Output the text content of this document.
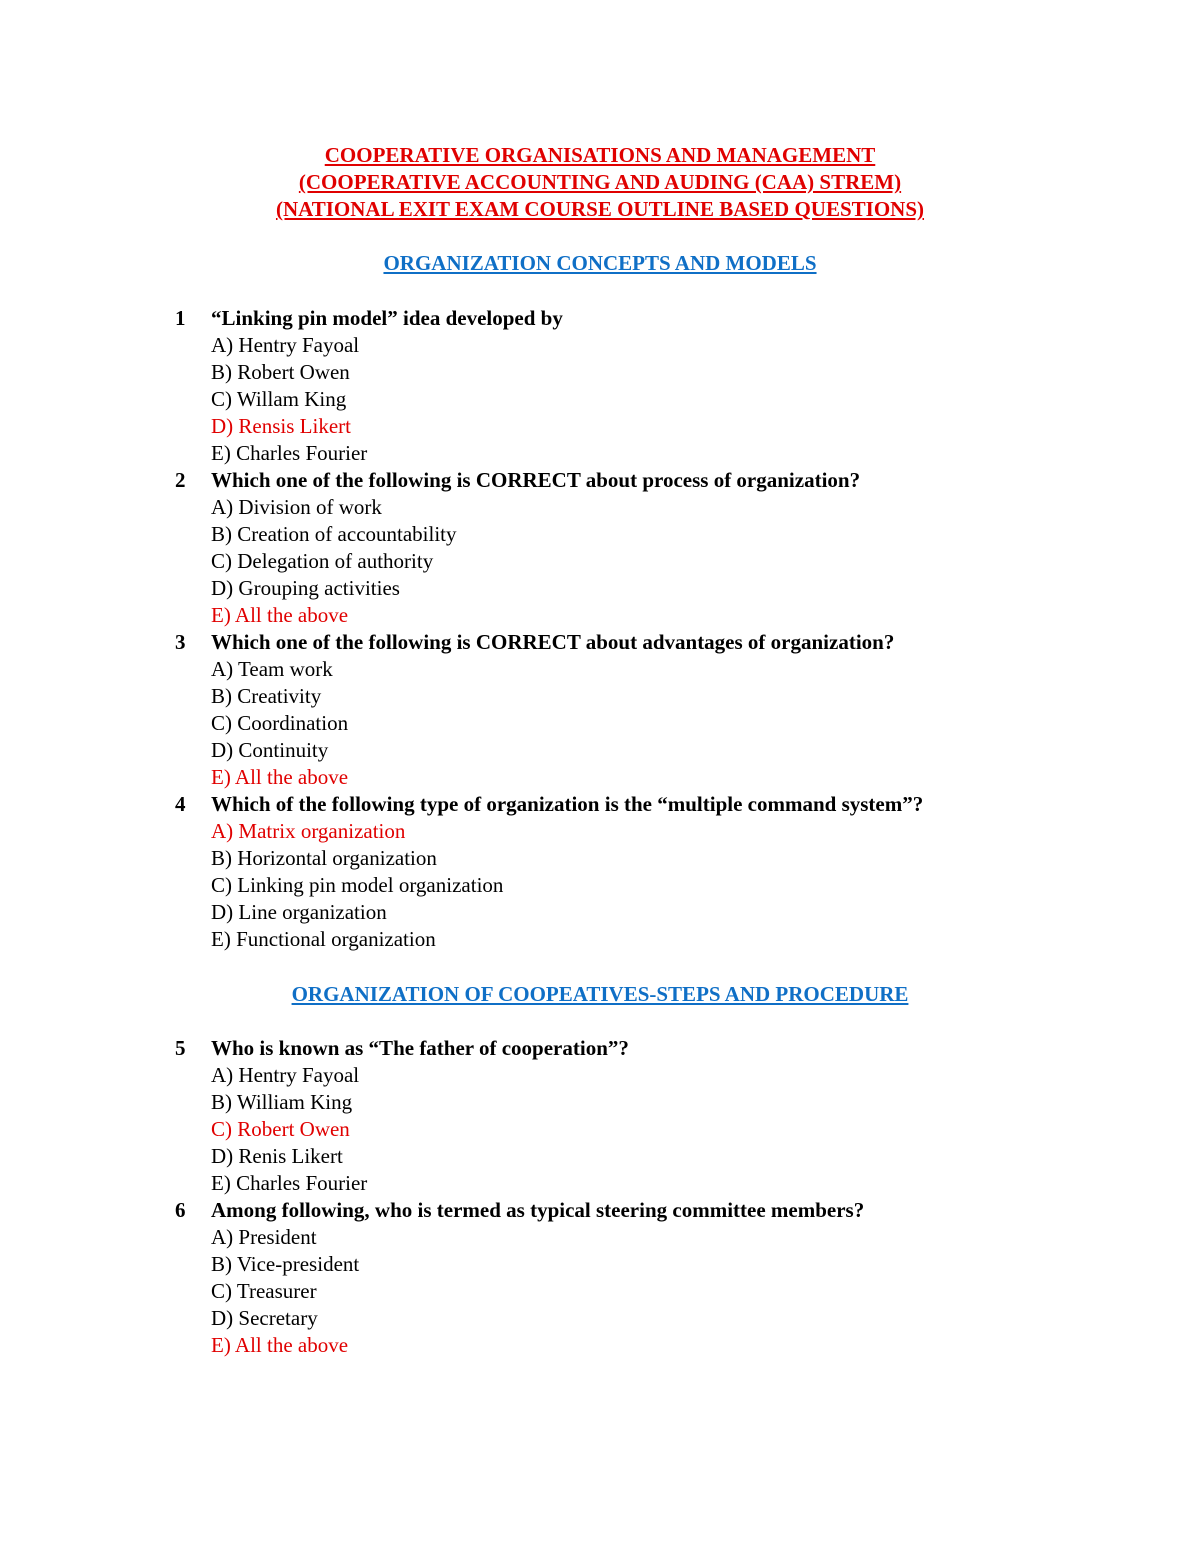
COOPERATIVE ORGANISATIONS AND MANAGEMENT
(COOPERATIVE ACCOUNTING AND AUDING (CAA) STREM)
(NATIONAL EXIT EXAM COURSE OUTLINE BASED QUESTIONS)
ORGANIZATION CONCEPTS AND MODELS
1	“Linking pin model” idea developed by
A) Hentry Fayoal
B) Robert Owen
C) Willam King
D) Rensis Likert
E) Charles Fourier
2	Which one of the following is CORRECT about process of organization?
A) Division of work
B) Creation of accountability
C) Delegation of authority
D) Grouping activities
E) All the above
3	Which one of the following is CORRECT about advantages of organization?
A) Team work
B) Creativity
C) Coordination
D) Continuity
E) All the above
4	Which of the following type of organization is the “multiple command system”?
A) Matrix organization
B) Horizontal organization
C) Linking pin model organization
D) Line organization
E) Functional organization
ORGANIZATION OF COOPEATIVES-STEPS AND PROCEDURE
5	Who is known as “The father of cooperation”?
A) Hentry Fayoal
B) William King
C) Robert Owen
D) Renis Likert
E) Charles Fourier
6	Among following, who is termed as typical steering committee members?
A) President
B) Vice-president
C) Treasurer
D) Secretary
E) All the above
